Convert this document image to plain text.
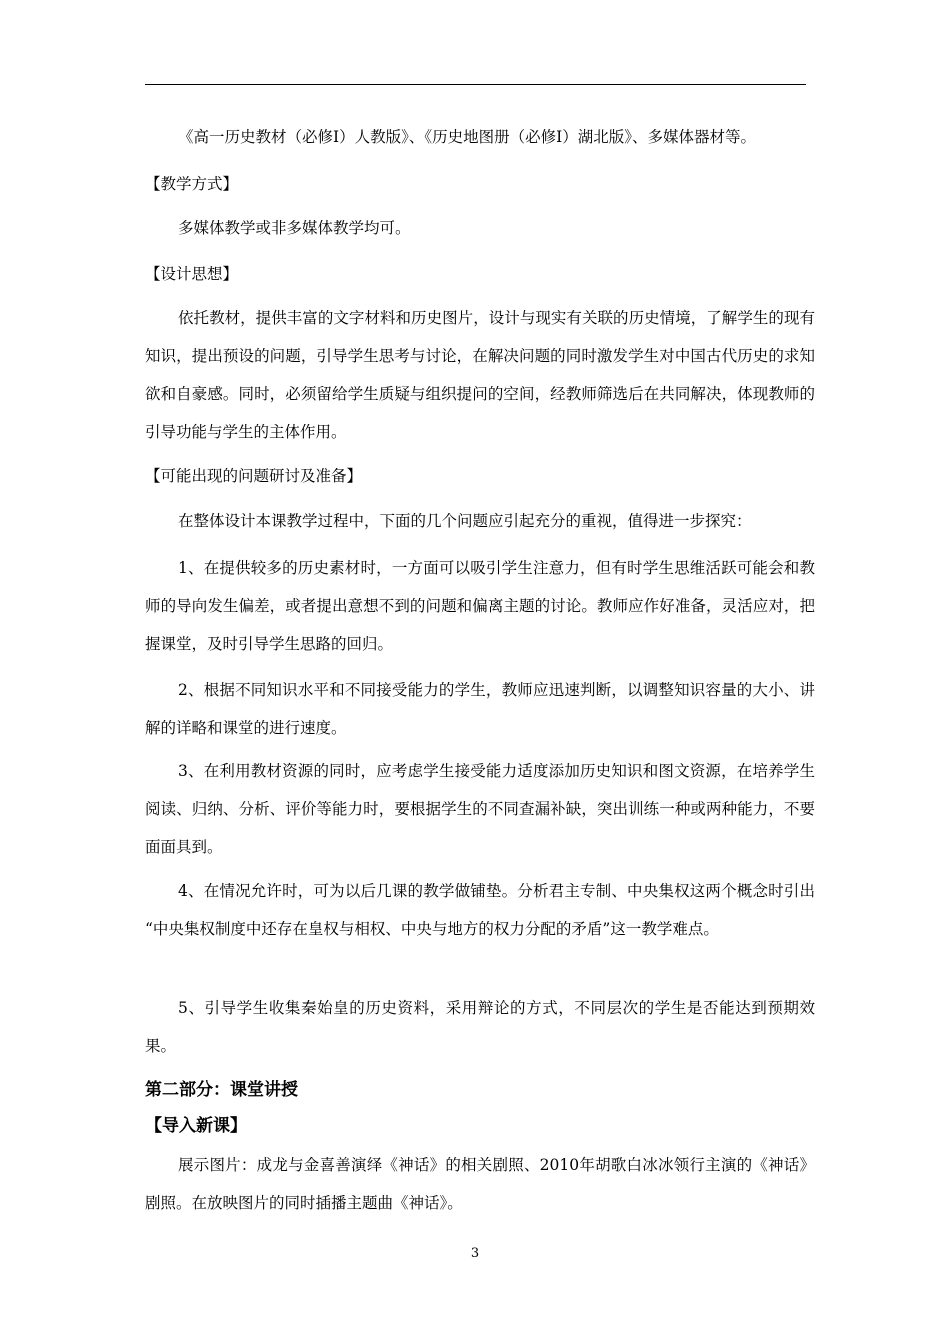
《高一历史教材（必修Ⅰ）人教版》、《历史地图册（必修Ⅰ）湖北版》、多媒体器材等。

【教学方式】

多媒体教学或非多媒体教学均可。

【设计思想】

依托教材，提供丰富的文字材料和历史图片，设计与现实有关联的历史情境，了解学生的现有知识，提出预设的问题，引导学生思考与讨论，在解决问题的同时激发学生对中国古代历史的求知欲和自豪感。同时，必须留给学生质疑与组织提问的空间，经教师筛选后在共同解决，体现教师的引导功能与学生的主体作用。

【可能出现的问题研讨及准备】

在整体设计本课教学过程中，下面的几个问题应引起充分的重视，值得进一步探究：

1、在提供较多的历史素材时，一方面可以吸引学生注意力，但有时学生思维活跃可能会和教师的导向发生偏差，或者提出意想不到的问题和偏离主题的讨论。教师应作好准备，灵活应对，把握课堂，及时引导学生思路的回归。

2、根据不同知识水平和不同接受能力的学生，教师应迅速判断，以调整知识容量的大小、讲解的详略和课堂的进行速度。

3、在利用教材资源的同时，应考虑学生接受能力适度添加历史知识和图文资源，在培养学生阅读、归纳、分析、评价等能力时，要根据学生的不同查漏补缺，突出训练一种或两种能力，不要面面具到。

4、在情况允许时，可为以后几课的教学做铺垫。分析君主专制、中央集权这两个概念时引出 “中央集权制度中还存在皇权与相权、中央与地方的权力分配的矛盾”这一教学难点。

5、引导学生收集秦始皇的历史资料，采用辩论的方式，不同层次的学生是否能达到预期效果。

第二部分：课堂讲授

【导入新课】

展示图片：成龙与金喜善演绎《神话》的相关剧照、2010年胡歌白冰冰领行主演的《神话》剧照。在放映图片的同时插播主题曲《神话》。

3
